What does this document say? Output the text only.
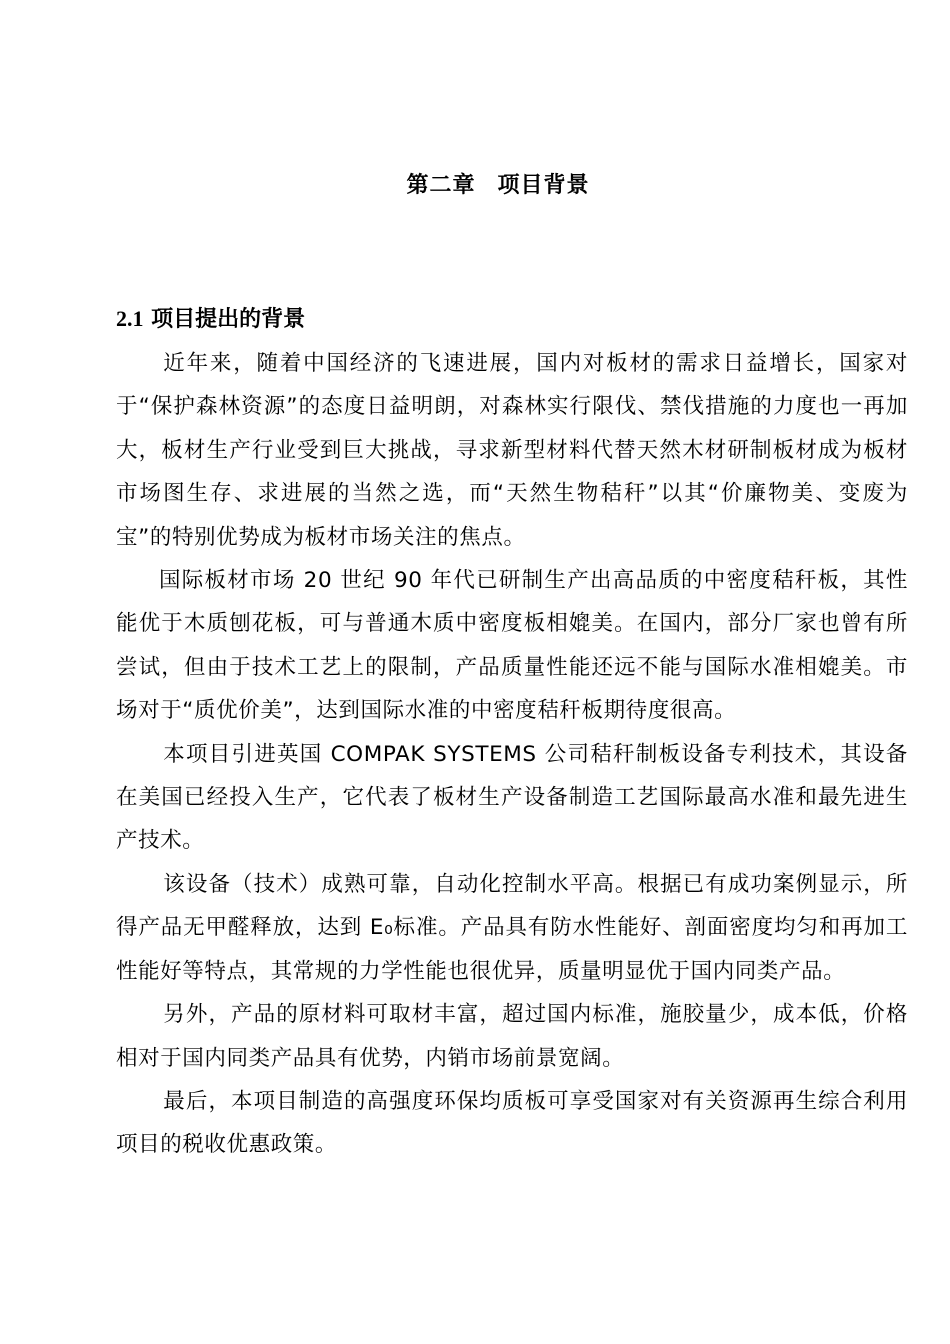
第二章 项目背景
2.1 项目提出的背景

近年来，随着中国经济的飞速进展，国内对板材的需求日益增长，国家对于“保护森林资源”的态度日益明朗，对森林实行限伐、禁伐措施的力度也一再加大，板材生产行业受到巨大挑战，寻求新型材料代替天然木材研制板材成为板材市场图生存、求进展的当然之选，而“天然生物秸秆”以其“价廉物美、变废为宝”的特别优势成为板材市场关注的焦点。

国际板材市场 20 世纪 90 年代已研制生产出高品质的中密度秸秆板，其性能优于木质刨花板，可与普通木质中密度板相媲美。在国内，部分厂家也曾有所尝试，但由于技术工艺上的限制，产品质量性能还远不能与国际水准相媲美。市场对于“质优价美”，达到国际水准的中密度秸秆板期待度很高。

本项目引进英国 COMPAK SYSTEMS 公司秸秆制板设备专利技术，其设备在美国已经投入生产，它代表了板材生产设备制造工艺国际最高水准和最先进生产技术。

该设备（技术）成熟可靠，自动化控制水平高。根据已有成功案例显示，所得产品无甲醛释放，达到 E₀标准。产品具有防水性能好、剖面密度均匀和再加工性能好等特点，其常规的力学性能也很优异，质量明显优于国内同类产品。

另外，产品的原材料可取材丰富，超过国内标准，施胶量少，成本低，价格相对于国内同类产品具有优势，内销市场前景宽阔。

最后，本项目制造的高强度环保均质板可享受国家对有关资源再生综合利用项目的税收优惠政策。
